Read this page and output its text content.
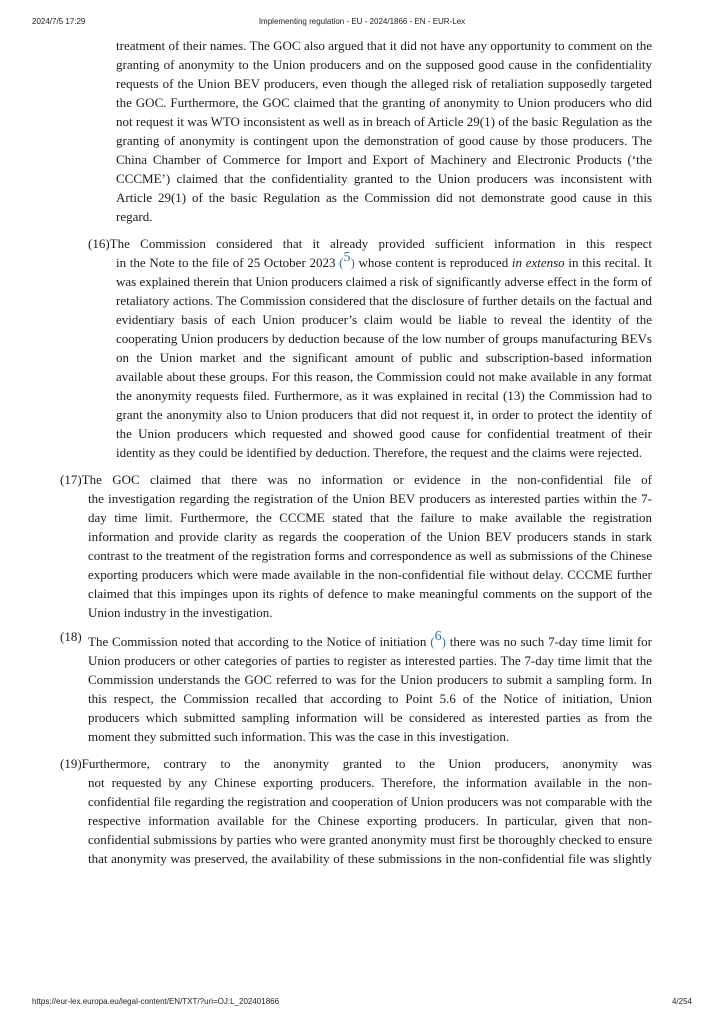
2024/7/5 17:29	Implementing regulation - EU - 2024/1866 - EN - EUR-Lex

treatment of their names. The GOC also argued that it did not have any opportunity to comment on the granting of anonymity to the Union producers and on the supposed good cause in the confidentiality requests of the Union BEV producers, even though the alleged risk of retaliation supposedly targeted the GOC. Furthermore, the GOC claimed that the granting of anonymity to Union producers who did not request it was WTO inconsistent as well as in breach of Article 29(1) of the basic Regulation as the granting of anonymity is contingent upon the demonstration of good cause by those producers. The China Chamber of Commerce for Import and Export of Machinery and Electronic Products (‘the CCCME’) claimed that the confidentiality granted to the Union producers was inconsistent with Article 29(1) of the basic Regulation as the Commission did not demonstrate good cause in this regard.

(16)The Commission considered that it already provided sufficient information in this respect
in the Note to the file of 25 October 2023 ($^5$) whose content is reproduced in extenso in this recital. It was explained therein that Union producers claimed a risk of significantly adverse effect in the form of retaliatory actions. The Commission considered that the disclosure of further details on the factual and evidentiary basis of each Union producer’s claim would be liable to reveal the identity of the cooperating Union producers by deduction because of the low number of groups manufacturing BEVs on the Union market and the significant amount of public and subscription-based information available about these groups. For this reason, the Commission could not make available in any format the anonymity requests filed. Furthermore, as it was explained in recital (13) the Commission had to grant the anonymity also to Union producers that did not request it, in order to protect the identity of the Union producers which requested and showed good cause for confidential treatment of their identity as they could be identified by deduction. Therefore, the request and the claims were rejected.
(17)The GOC claimed that there was no information or evidence in the non-confidential file of
the investigation regarding the registration of the Union BEV producers as interested parties within the 7-day time limit. Furthermore, the CCCME stated that the failure to make available the registration information and provide clarity as regards the cooperation of the Union BEV producers stands in stark contrast to the treatment of the registration forms and correspondence as well as submissions of the Chinese exporting producers which were made available in the non-confidential file without delay. CCCME further claimed that this impinges upon its rights of defence to make meaningful comments on the support of the Union industry in the investigation.
(18) The Commission noted that according to the Notice of initiation ($^6$) there was no such 7-day time limit for Union producers or other categories of parties to register as interested parties. The 7-day time limit that the Commission understands the GOC referred to was for the Union producers to submit a sampling form. In this respect, the Commission recalled that according to Point 5.6 of the Notice of initiation, Union producers which submitted sampling information will be considered as interested parties as from the moment they submitted such information. This was the case in this investigation.
(19)Furthermore, contrary to the anonymity granted to the Union producers, anonymity was
not requested by any Chinese exporting producers. Therefore, the information available in the non-confidential file regarding the registration and cooperation of Union producers was not comparable with the respective information available for the Chinese exporting producers. In particular, given that non-confidential submissions by parties who were granted anonymity must first be thoroughly checked to ensure that anonymity was preserved, the availability of these submissions in the non-confidential file was slightly
https://eur-lex.europa.eu/legal-content/EN/TXT/?uri=OJ:L_202401866	4/254
